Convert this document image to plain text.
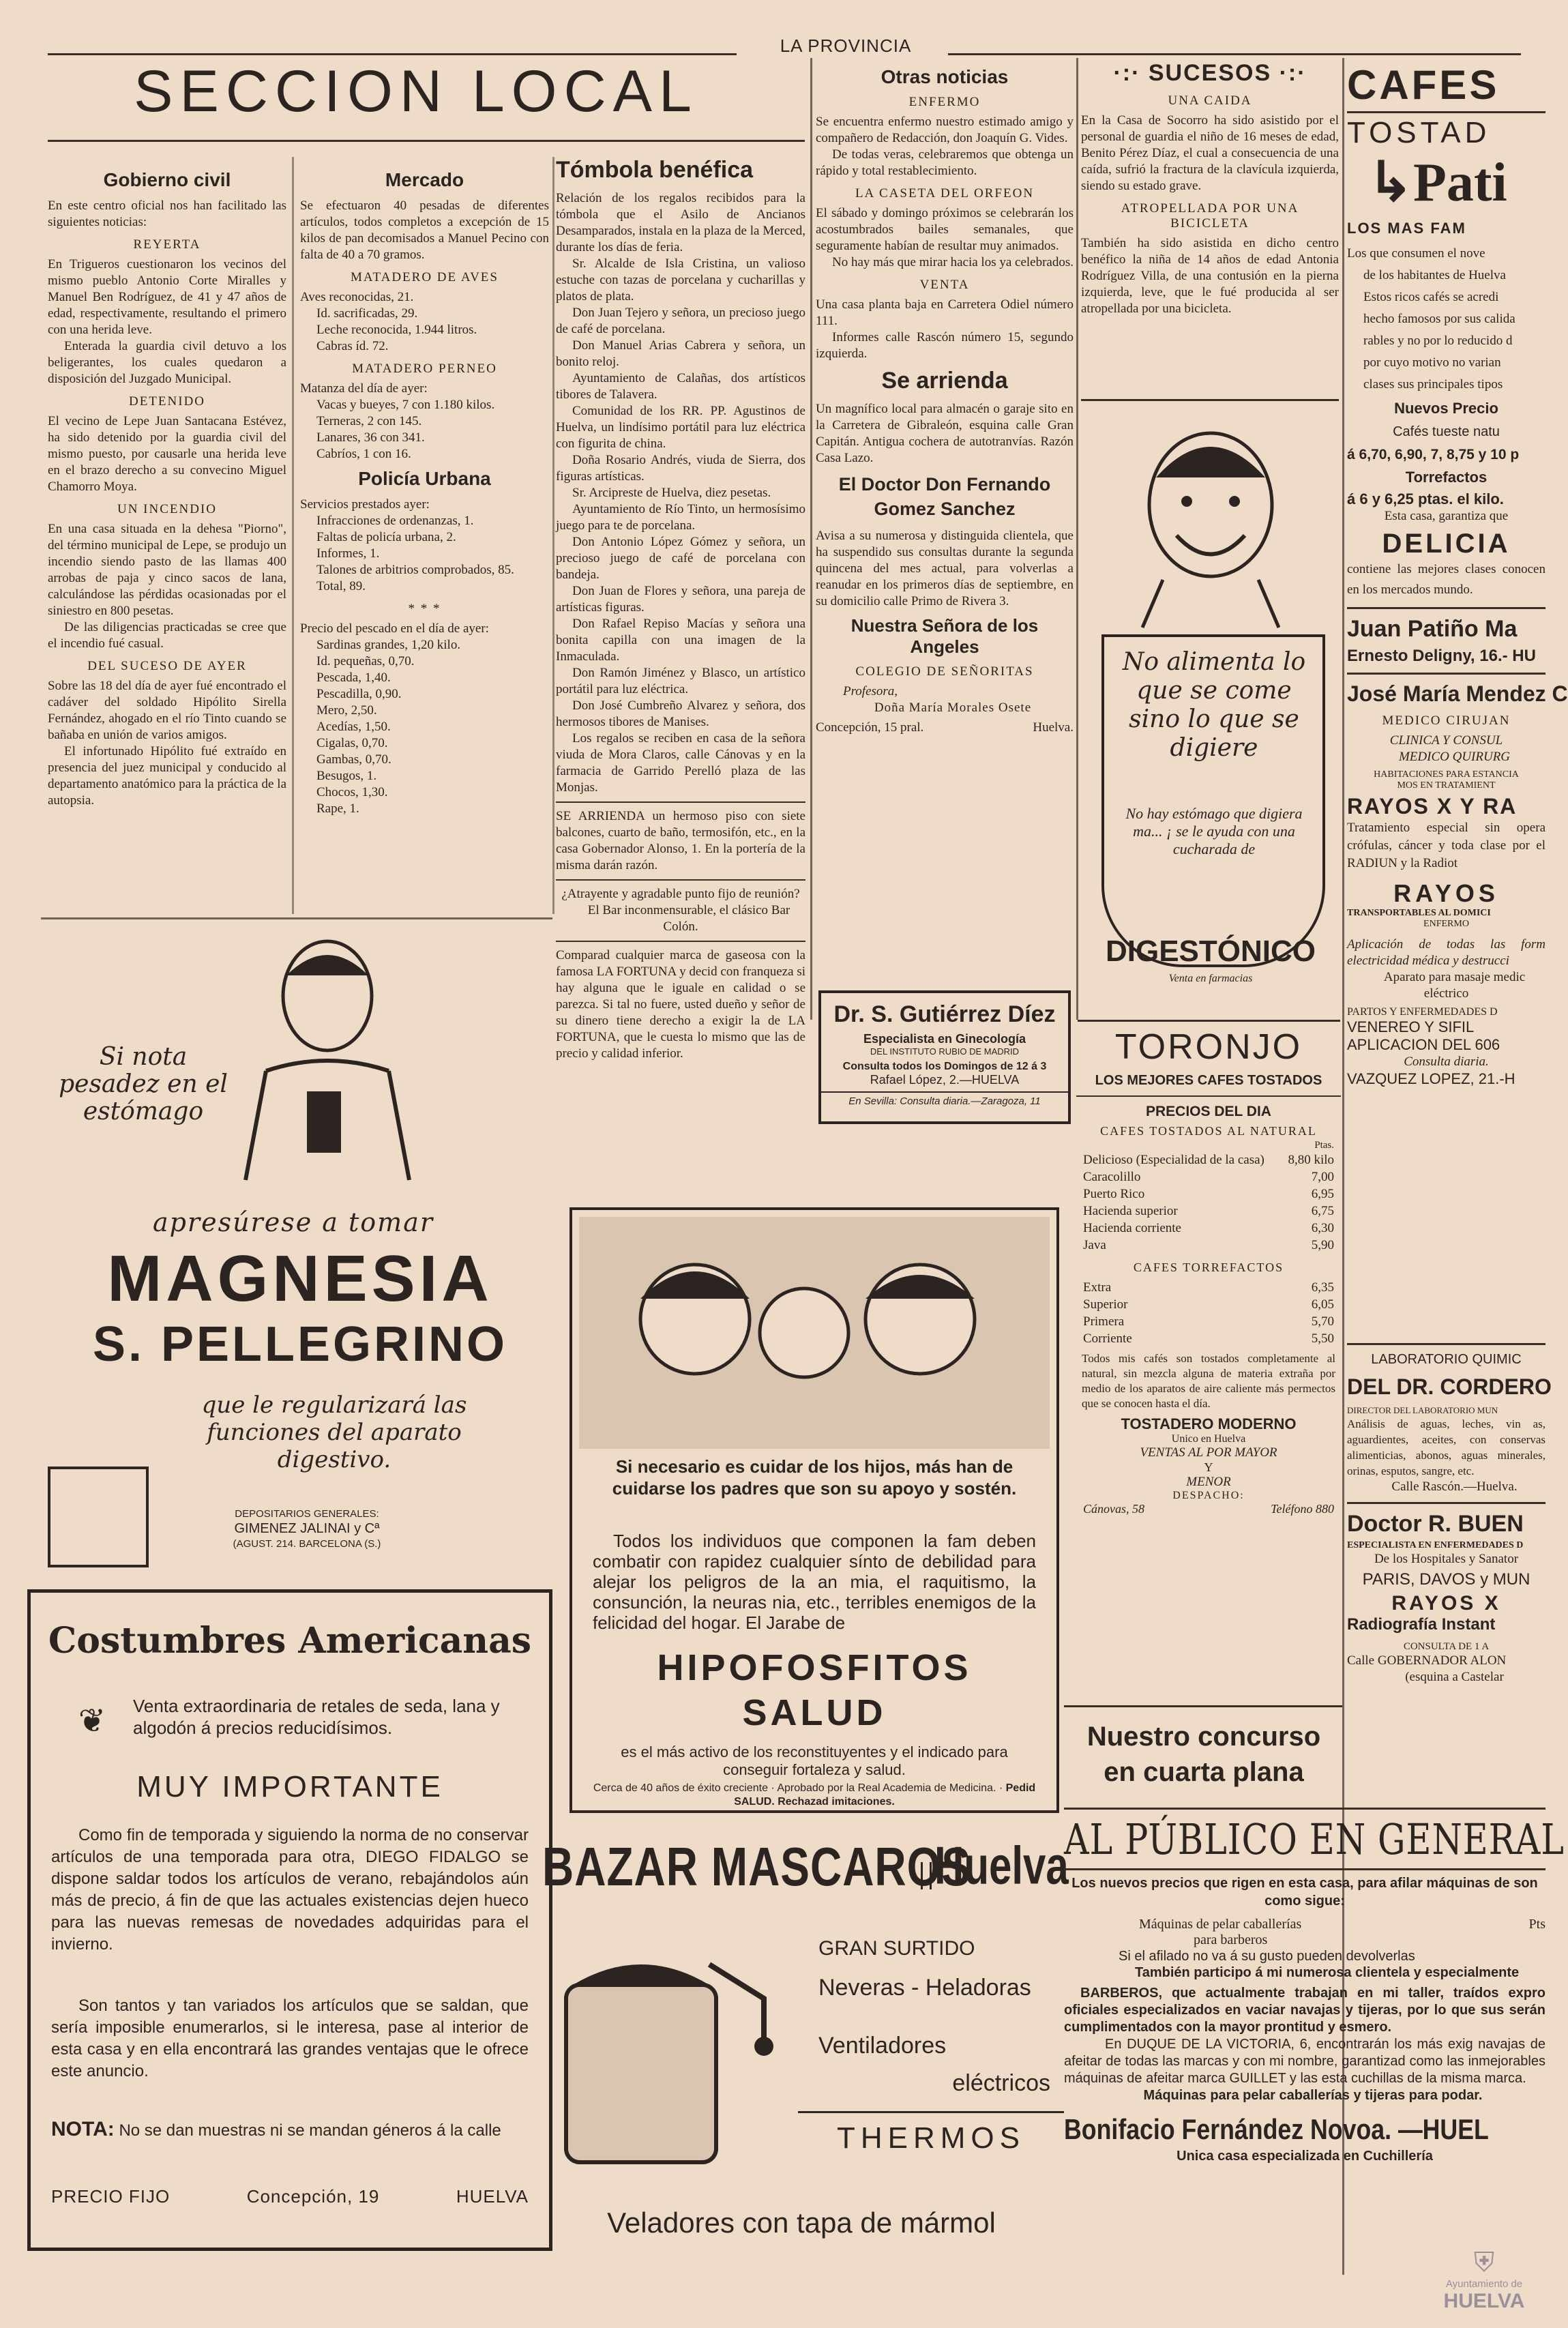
LA PROVINCIA
SECCION LOCAL
Gobierno civil

En este centro oficial nos han facilitado las siguientes noticias:

REYERTA

En Trigueros cuestionaron los vecinos del mismo pueblo Antonio Corte Miralles y Manuel Ben Rodríguez, de 41 y 47 años de edad, respectivamente, resultando el primero con una herida leve.

Enterada la guardia civil detuvo a los beligerantes, los cuales quedaron a disposición del Juzgado Municipal.

DETENIDO

El vecino de Lepe Juan Santacana Estévez, ha sido detenido por la guardia civil del mismo puesto, por causarle una herida leve en el brazo derecho a su convecino Miguel Chamorro Moya.

UN INCENDIO

En una casa situada en la dehesa "Piorno", del término municipal de Lepe, se produjo un incendio siendo pasto de las llamas 400 arrobas de paja y cinco sacos de lana, calculándose las pérdidas ocasionadas por el siniestro en 800 pesetas.

De las diligencias practicadas se cree que el incendio fué casual.

DEL SUCESO DE AYER

Sobre las 18 del día de ayer fué encontrado el cadáver del soldado Hipólito Sirella Fernández, ahogado en el río Tinto cuando se bañaba en unión de varios amigos.

El infortunado Hipólito fué extraído en presencia del juez municipal y conducido al departamento anatómico para la práctica de la autopsia.

Mercado

Se efectuaron 40 pesadas de diferentes artículos, todos completos a excepción de 15 kilos de pan decomisados a Manuel Pecino con falta de 40 a 70 gramos.

MATADERO DE AVES
Aves reconocidas, 21.
Id. sacrificadas, 29.
Leche reconocida, 1.944 litros.
Cabras íd. 72.
MATADERO PERNEO
Matanza del día de ayer:
Vacas y bueyes, 7 con 1.180 kilos.
Terneras, 2 con 145.
Lanares, 36 con 341.
Cabríos, 1 con 16.
Policía Urbana
Servicios prestados ayer:
Infracciones de ordenanzas, 1.
Faltas de policía urbana, 2.
Informes, 1.
Talones de arbitrios comprobados, 85.
Total, 89.
* * *
Precio del pescado en el día de ayer:
Sardinas grandes, 1,20 kilo.
Id. pequeñas, 0,70.
Pescada, 1,40.
Pescadilla, 0,90.
Mero, 2,50.
Acedías, 1,50.
Cigalas, 0,70.
Gambas, 0,70.
Besugos, 1.
Chocos, 1,30.
Rape, 1.
Tómbola benéfica

Relación de los regalos recibidos para la tómbola que el Asilo de Ancianos Desamparados, instala en la plaza de la Merced, durante los días de feria.

Sr. Alcalde de Isla Cristina, un valioso estuche con tazas de porcelana y cucharillas y platos de plata.

Don Juan Tejero y señora, un precioso juego de café de porcelana.

Don Manuel Arias Cabrera y señora, un bonito reloj.

Ayuntamiento de Calañas, dos artísticos tibores de Talavera.

Comunidad de los RR. PP. Agustinos de Huelva, un lindísimo portátil para luz eléctrica con figurita de china.

Doña Rosario Andrés, viuda de Sierra, dos figuras artísticas.

Sr. Arcipreste de Huelva, diez pesetas.

Ayuntamiento de Río Tinto, un hermosísimo juego para te de porcelana.

Don Antonio López Gómez y señora, un precioso juego de café de porcelana con bandeja.

Don Juan de Flores y señora, una pareja de artísticas figuras.

Don Rafael Repiso Macías y señora una bonita capilla con una imagen de la Inmaculada.

Don Ramón Jiménez y Blasco, un artístico portátil para luz eléctrica.

Don José Cumbreño Alvarez y señora, dos hermosos tibores de Manises.

Los regalos se reciben en casa de la señora viuda de Mora Claros, calle Cánovas y en la farmacia de Garrido Perelló plaza de las Monjas.

SE ARRIENDA un hermoso piso con siete balcones, cuarto de baño, termosifón, etc., en la casa Gobernador Alonso, 1. En la portería de la misma darán razón.

¿Atrayente y agradable punto fijo de reunión?
El Bar inconmensurable, el clásico Bar Colón.

Comparad cualquier marca de gaseosa con la famosa LA FORTUNA y decid con franqueza si hay alguna que le iguale en calidad o se parezca. Si tal no fuere, usted dueño y señor de su dinero tiene derecho a exigir la de LA FORTUNA, que le cuesta lo mismo que las de precio y calidad inferior.

Otras noticias
ENFERMO

Se encuentra enfermo nuestro estimado amigo y compañero de Redacción, don Joaquín G. Vides.

De todas veras, celebraremos que obtenga un rápido y total restablecimiento.

LA CASETA DEL ORFEON

El sábado y domingo próximos se celebrarán los acostumbrados bailes semanales, que seguramente habían de resultar muy animados.

No hay más que mirar hacia los ya celebrados.

VENTA

Una casa planta baja en Carretera Odiel número 111.

Informes calle Rascón número 15, segundo izquierda.

Se arrienda

Un magnífico local para almacén o garaje sito en la Carretera de Gibraleón, esquina calle Gran Capitán. Antigua cochera de autotranvías. Razón Casa Lazo.

El Doctor Don Fernando Gomez Sanchez

Avisa a su numerosa y distinguida clientela, que ha suspendido sus consultas durante la segunda quincena del mes actual, para volverlas a reanudar en los primeros días de septiembre, en su domicilio calle Primo de Rivera 3.

Nuestra Señora de los Angeles
COLEGIO DE SEÑORITAS
Profesora,
Doña María Morales Osete
Concepción, 15 pral.	Huelva.
Dr. S. Gutiérrez Díez
Especialista en Ginecología
DEL INSTITUTO RUBIO DE MADRID
Consulta todos los Domingos de 12 á 3
Rafael López, 2.—HUELVA
En Sevilla: Consulta diaria.—Zaragoza, 11
·:· SUCESOS ·:·
UNA CAIDA

En la Casa de Socorro ha sido asistido por el personal de guardia el niño de 16 meses de edad, Benito Pérez Díaz, el cual a consecuencia de una caída, sufrió la fractura de la clavícula izquierda, siendo su estado grave.

ATROPELLADA POR UNA BICICLETA

También ha sido asistida en dicho centro benéfico la niña de 14 años de edad Antonia Rodríguez Villa, de una contusión en la pierna izquierda, leve, que le fué producida al ser atropellada por una bicicleta.

No alimenta lo que se come sino lo que se digiere
No hay estómago que digiera ma... ¡ se le ayuda con una cucharada de
DIGESTÓNICO
Venta en farmacias
TORONJO
LOS MEJORES CAFES TOSTADOS
PRECIOS DEL DIA
CAFES TOSTADOS AL NATURAL
Ptas.
Delicioso (Especialidad de la casa) 8,80 kilo
Caracolillo	7,00
Puerto Rico	6,95
Hacienda superior	6,75
Hacienda corriente	6,30
Java	5,90
CAFES TORREFACTOS
Extra	6,35
Superior	6,05
Primera	5,70
Corriente	5,50

Todos mis cafés son tostados completamente al natural, sin mezcla alguna de materia extraña por medio de los aparatos de aire caliente más permectos que se conocen hasta el día.

TOSTADERO MODERNO
Unico en Huelva
VENTAS AL POR MAYOR
Y
MENOR
DESPACHO:
Cánovas, 58	Teléfono 880
Nuestro concurso en cuarta plana
CAFES
TOSTAD
↳Pati
LOS MAS FAM
Los que consumen el nove
de los habitantes de Huelva
Estos ricos cafés se acredi
hecho famosos por sus calida
rables y no por lo reducido d
por cuyo motivo no varian
clases sus principales tipos
Nuevos Precio
Cafés tueste natu
á 6,70, 6,90, 7, 8,75 y 10 p
Torrefactos
á 6 y 6,25 ptas. el kilo.
Esta casa, garantiza que
DELICIA

contiene las mejores clases conocen en los mercados mundo.

Juan Patiño Ma
Ernesto Deligny, 16.- HU
José María Mendez C
MEDICO CIRUJAN
CLINICA Y CONSUL
MEDICO QUIRURG
HABITACIONES PARA ESTANCIA
MOS EN TRATAMIENT
RAYOS X Y RA

Tratamiento especial sin opera crófulas, cáncer y toda clase por el RADIUN y la Radiot

RAYOS
TRANSPORTABLES AL DOMICI
ENFERMO

Aplicación de todas las form electricidad médica y destrucci

Aparato para masaje medic eléctrico

PARTOS Y ENFERMEDADES D
VENEREO Y SIFIL
APLICACION DEL 606
Consulta diaria.
VAZQUEZ LOPEZ, 21.-H
LABORATORIO QUIMIC
DEL DR. CORDERO
DIRECTOR DEL LABORATORIO MUN

Análisis de aguas, leches, vin as, aguardientes, aceites, con conservas alimenticias, abonos, aguas minerales, orinas, esputos, sangre, etc.

Calle Rascón.—Huelva.
Doctor R. BUEN
ESPECIALISTA EN ENFERMEDADES D
De los Hospitales y Sanator
PARIS, DAVOS y MUN
RAYOS X
Radiografía Instant
CONSULTA DE 1 A
Calle GOBERNADOR ALON
(esquina a Castelar
Si nota pesadez en el estómago
apresúrese a tomar
MAGNESIA
S. PELLEGRINO
que le regularizará las funciones del aparato digestivo.
DEPOSITARIOS GENERALES:
GIMENEZ JALINAI y Cª
(AGUST. 214. BARCELONA (S.)
Costumbres Americanas
❦	Venta extraordinaria de retales de seda, lana y algodón á precios reducidísimos.
MUY IMPORTANTE

Como fin de temporada y siguiendo la norma de no conservar artículos de una temporada para otra, DIEGO FIDALGO se dispone saldar todos los artículos de verano, rebajándolos aún más de precio, á fin de que las actuales existencias dejen hueco para las nuevas remesas de novedades adquiridas para el invierno.

Son tantos y tan variados los artículos que se saldan, que sería imposible enumerarlos, si le interesa, pase al interior de esta casa y en ella encontrará las grandes ventajas que le ofrece este anuncio.

NOTA: No se dan muestras ni se mandan géneros á la calle
PRECIO FIJO	Concepción, 19	HUELVA
Si necesario es cuidar de los hijos, más han de cuidarse los padres que son su apoyo y sostén.

Todos los individuos que componen la fam deben combatir con rapidez cualquier sínto de debilidad para alejar los peligros de la an mia, el raquitismo, la consunción, la neuras nia, etc., terribles enemigos de la felicidad del hogar. El Jarabe de

HIPOFOSFITOS
SALUD
es el más activo de los reconstituyentes y el indicado para conseguir fortaleza y salud.
Cerca de 40 años de éxito creciente · Aprobado por la Real Academia de Medicina. · Pedid SALUD. Rechazad imitaciones.
BAZAR MASCAROS
Huelva
GRAN SURTIDO
Neveras - Heladoras
Ventiladores
eléctricos
THERMOS
Veladores con tapa de mármol
AL PÚBLICO EN GENERAL
Los nuevos precios que rigen en esta casa, para afilar máquinas de son como sigue:
Máquinas de pelar caballerías	Pts
para barberos
Si el afilado no va á su gusto pueden devolverlas
También participo á mi numerosa clientela y especialmente

BARBEROS, que actualmente trabajan en mi taller, traídos expro oficiales especializados en vaciar navajas y tijeras, por lo que sus serán cumplimentados con la mayor prontitud y esmero.

En DUQUE DE LA VICTORIA, 6, encontrarán los más exig navajas de afeitar de todas las marcas y con mi nombre, garantizad como las inmejorables máquinas de afeitar marca GUILLET y las esta cuchillas de la misma marca.

Máquinas para pelar caballerías y tijeras para podar.
Bonifacio Fernández Novoa. —HUEL
Unica casa especializada en Cuchillería
⛨
Ayuntamiento de
HUELVA
